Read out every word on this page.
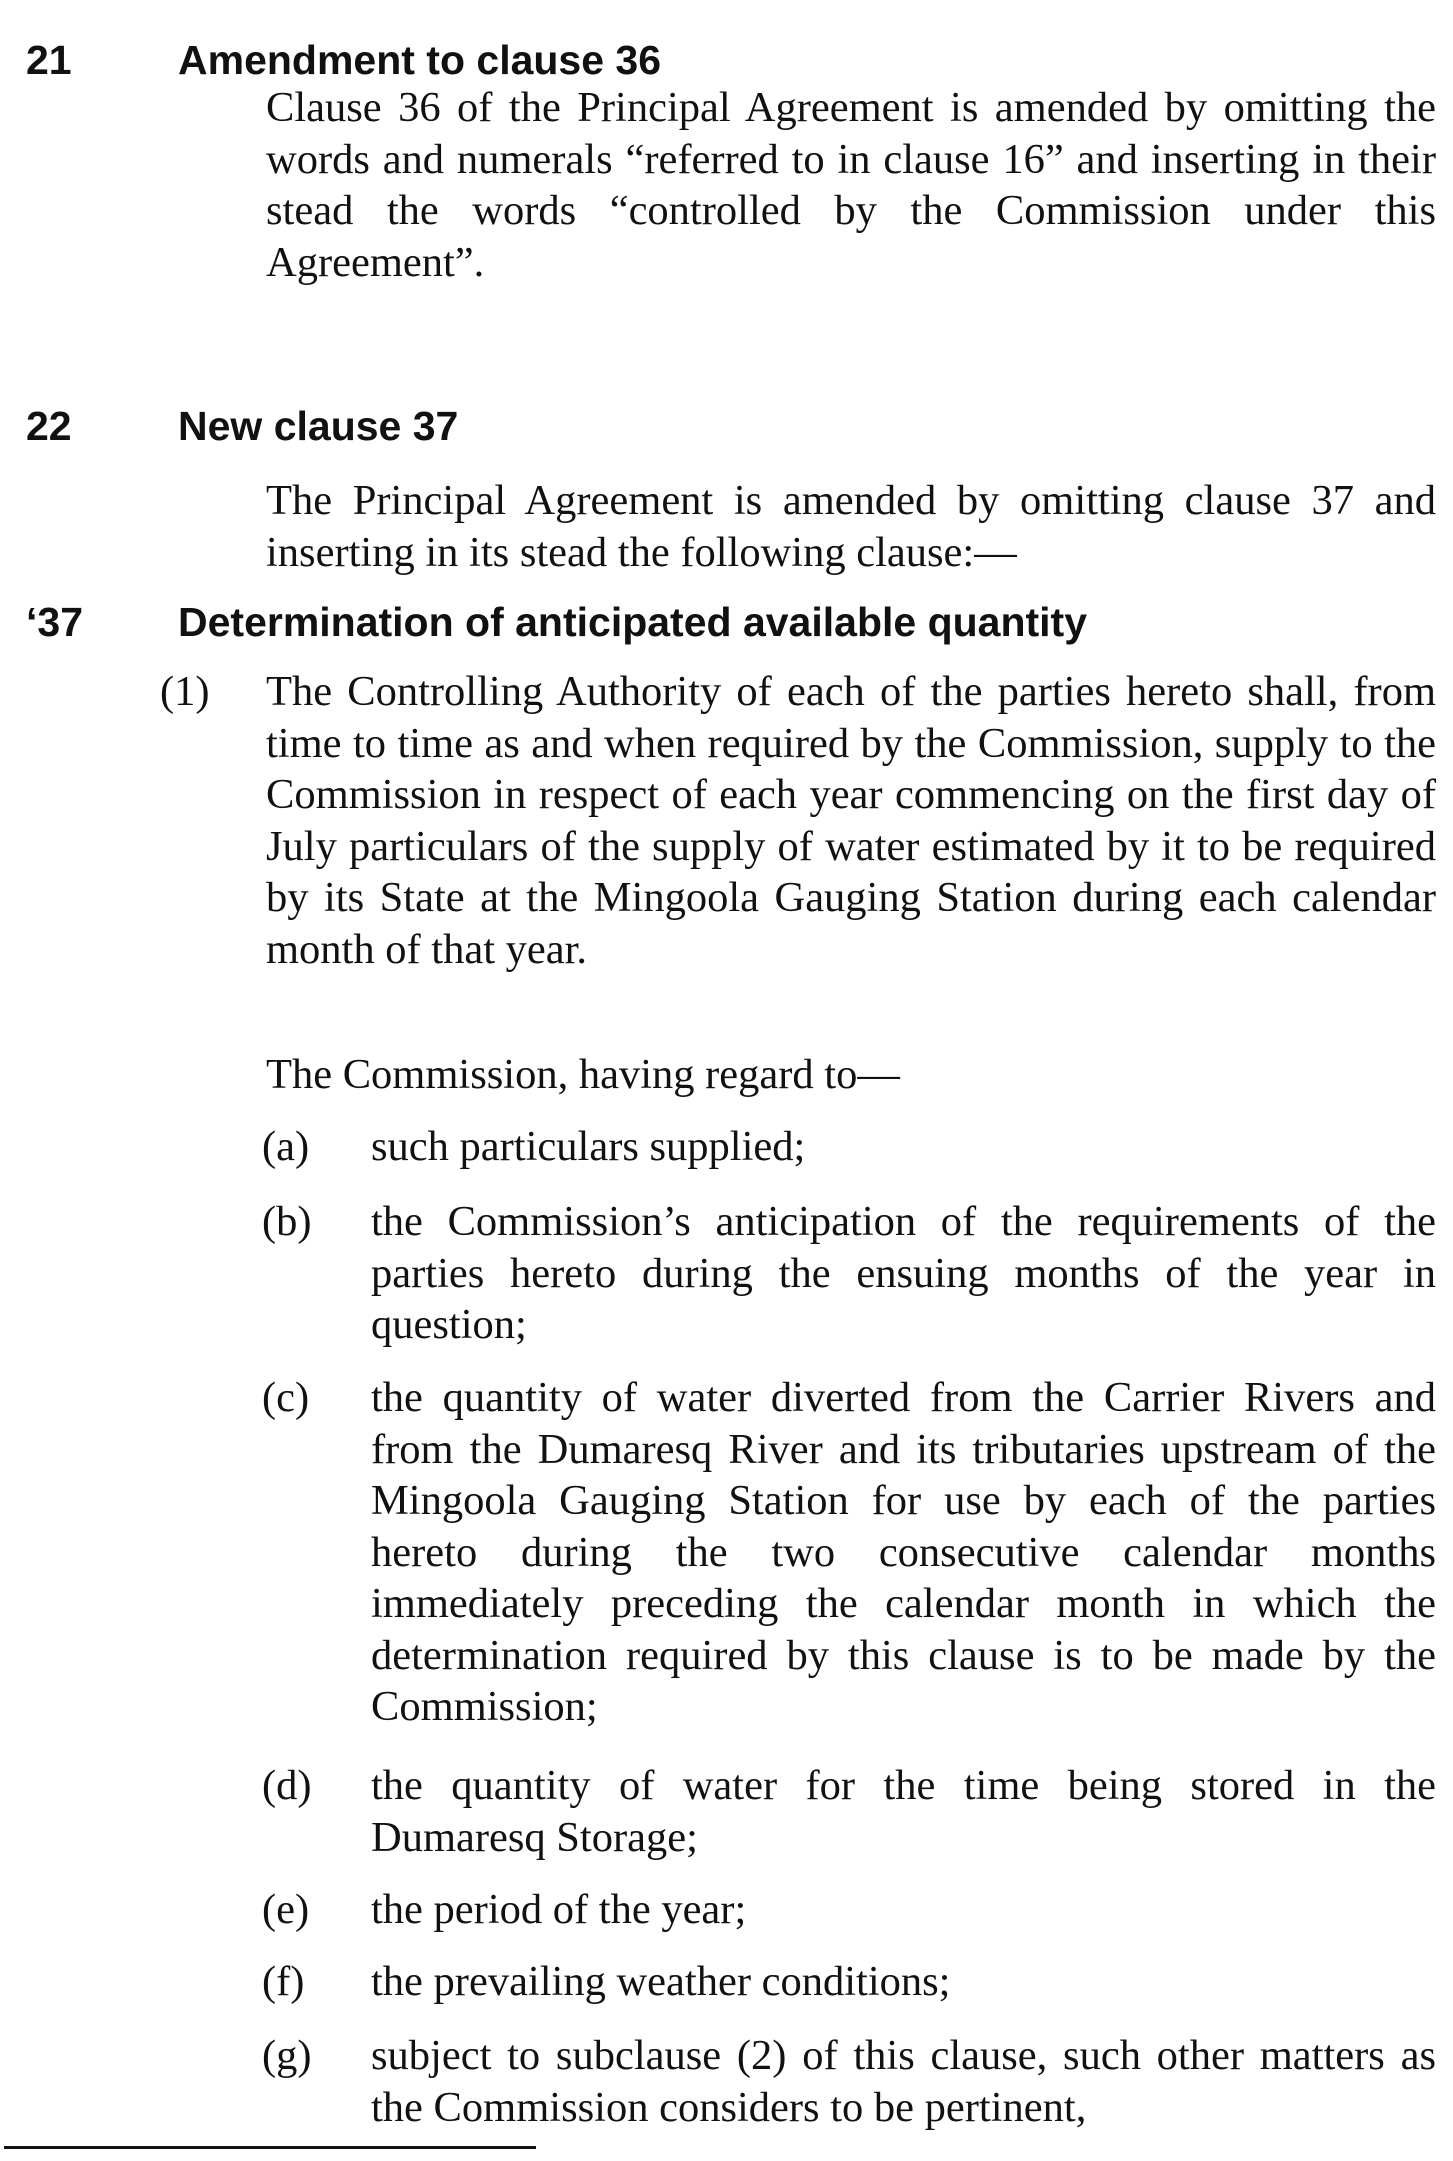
21	Amendment to clause 36

Clause 36 of the Principal Agreement is amended by omitting the words and numerals “referred to in clause 16” and inserting in their stead the words “controlled by the Commission under this Agreement”.

22	New clause 37

The Principal Agreement is amended by omitting clause 37 and inserting in its stead the following clause:—

‘37 Determination of anticipated available quantity
(1) The Controlling Authority of each of the parties hereto shall, from time to time as and when required by the Commission, supply to the Commission in respect of each year commencing on the first day of July particulars of the supply of water estimated by it to be required by its State at the Mingoola Gauging Station during each calendar month of that year.

The Commission, having regard to—

(a) such particulars supplied;

(b) the Commission’s anticipation of the requirements of the parties hereto during the ensuing months of the year in question;

(c) the quantity of water diverted from the Carrier Rivers and from the Dumaresq River and its tributaries upstream of the Mingoola Gauging Station for use by each of the parties hereto during the two consecutive calendar months immediately preceding the calendar month in which the determination required by this clause is to be made by the Commission;

(d) the quantity of water for the time being stored in the Dumaresq Storage;

(e) the period of the year;

(f) the prevailing weather conditions;

(g) subject to subclause (2) of this clause, such other matters as the Commission considers to be pertinent,
